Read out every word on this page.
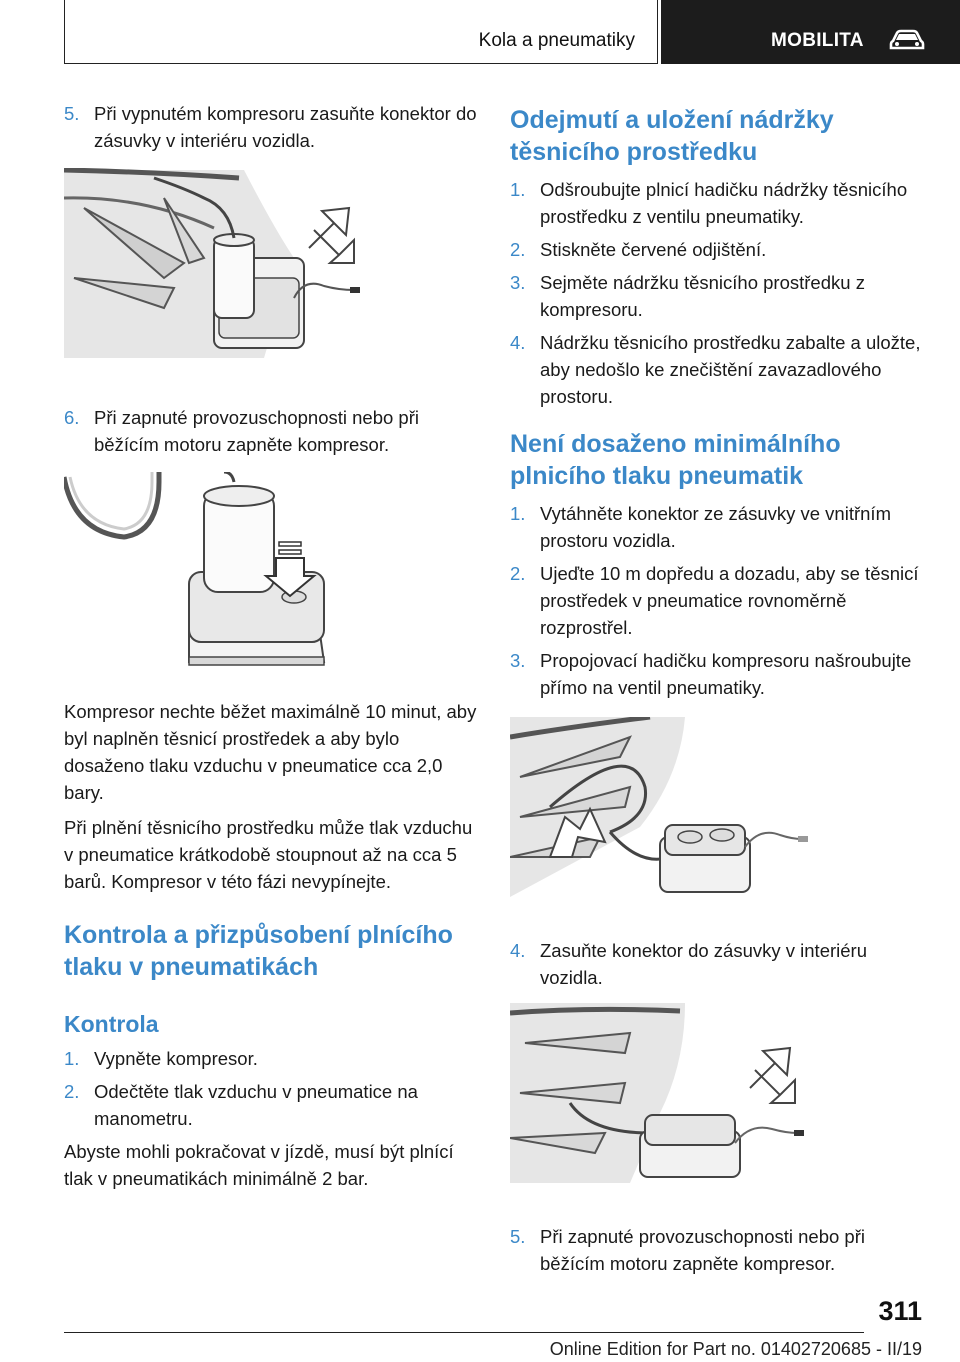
Kola a pneumatiky	MOBILITA
5. Při vypnutém kompresoru zasuňte konektor do zásuvky v interiéru vozidla.
6. Při zapnuté provozuschopnosti nebo při běžícím motoru zapněte kompresor.

Kompresor nechte běžet maximálně 10 minut, aby byl naplněn těsnicí prostředek a aby bylo dosaženo tlaku vzduchu v pneumatice cca 2,0 bary.

Při plnění těsnicího prostředku může tlak vzduchu v pneumatice krátkodobě stoupnout až na cca 5 barů. Kompresor v této fázi nevypínejte.

Kontrola a přizpůsobení plnícího tlaku v pneumatikách
Kontrola
1. Vypněte kompresor.
2. Odečtěte tlak vzduchu v pneumatice na manometru.

Abyste mohli pokračovat v jízdě, musí být plnící tlak v pneumatikách minimálně 2 bar.

Odejmutí a uložení nádržky těsnicího prostředku
1. Odšroubujte plnicí hadičku nádržky těsnicího prostředku z ventilu pneumatiky.
2. Stiskněte červené odjištění.
3. Sejměte nádržku těsnicího prostředku z kompresoru.
4. Nádržku těsnicího prostředku zabalte a uložte, aby nedošlo ke znečištění zavazadlového prostoru.
Není dosaženo minimálního plnicího tlaku pneumatik
1. Vytáhněte konektor ze zásuvky ve vnitřním prostoru vozidla.
2. Ujeďte 10 m dopředu a dozadu, aby se těsnicí prostředek v pneumatice rovnoměrně rozprostřel.
3. Propojovací hadičku kompresoru našroubujte přímo na ventil pneumatiky.
4. Zasuňte konektor do zásuvky v interiéru vozidla.
5. Při zapnuté provozuschopnosti nebo při běžícím motoru zapněte kompresor.
311
Online Edition for Part no. 01402720685 - II/19
